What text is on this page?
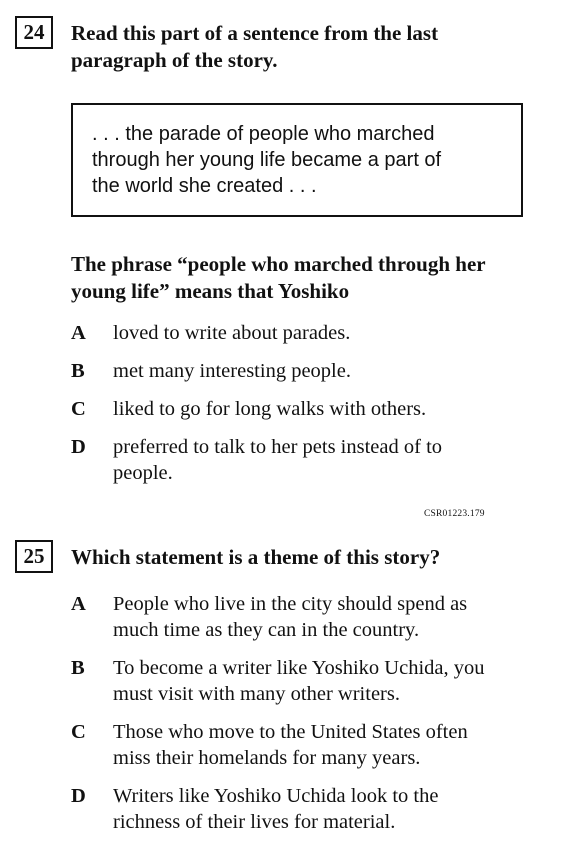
24	Read this part of a sentence from the last
paragraph of the story.
. . . the parade of people who marched
through her young life became a part of
the world she created . . .
The phrase “people who marched through her
young life” means that Yoshiko
A loved to write about parades.
B met many interesting people.
C liked to go for long walks with others.
D preferred to talk to her pets instead of to
people.
CSR01223.179
25	Which statement is a theme of this story?
A People who live in the city should spend as
much time as they can in the country.
B To become a writer like Yoshiko Uchida, you
must visit with many other writers.
C Those who move to the United States often
miss their homelands for many years.
D Writers like Yoshiko Uchida look to the
richness of their lives for material.
